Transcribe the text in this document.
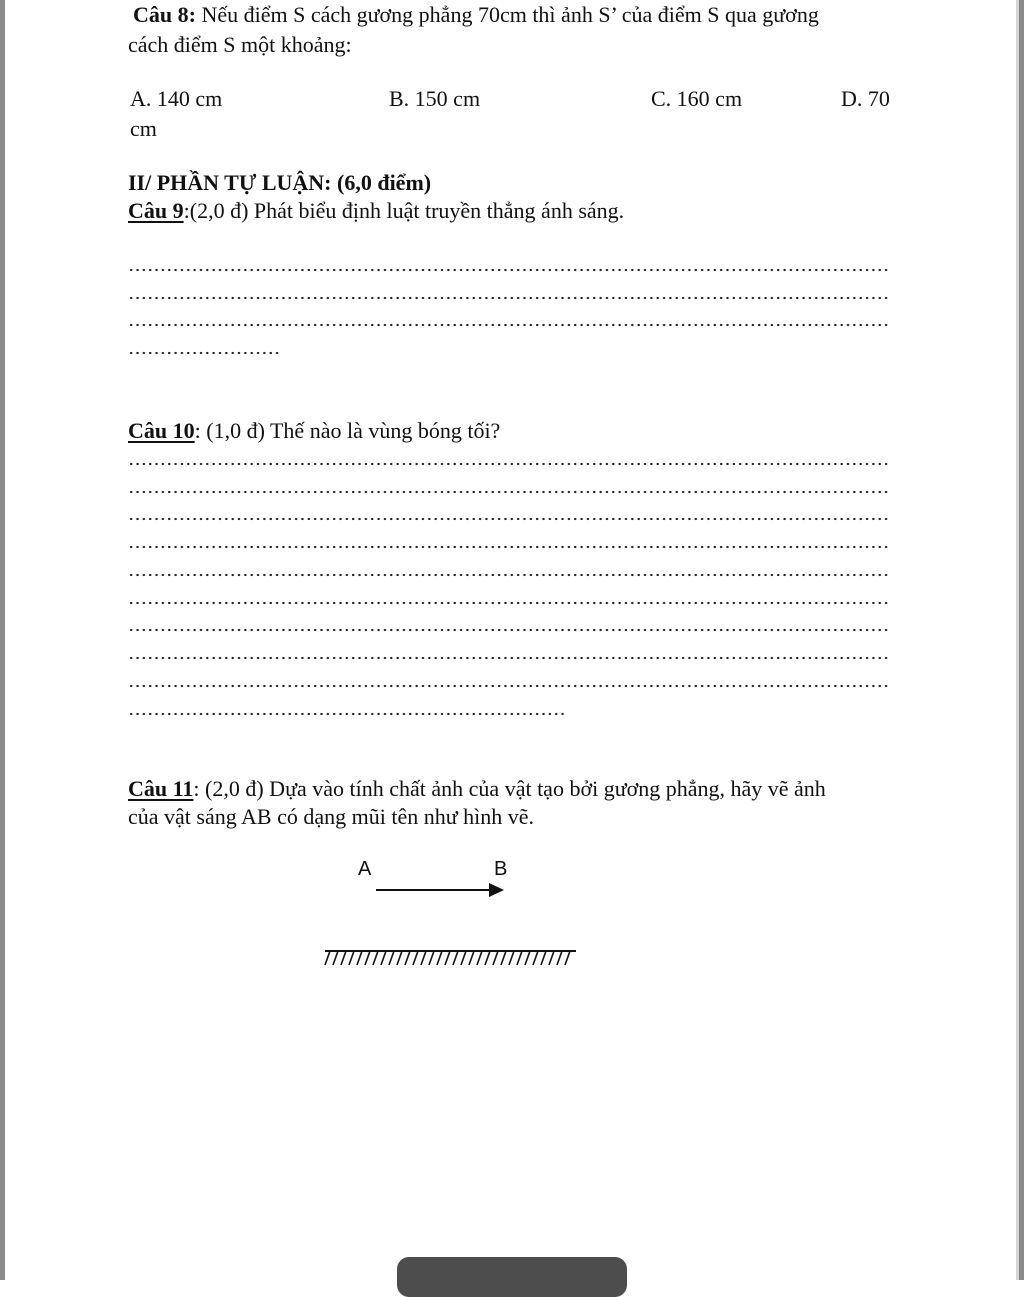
Câu 8: Nếu điểm S cách gương phẳng 70cm thì ảnh S’ của điểm S qua gương
cách điểm S một khoảng:
A. 140 cm	B. 150 cm	C. 160 cm	D. 70
cm
II/ PHẦN TỰ LUẬN: (6,0 điểm)
Câu 9:(2,0 đ) Phát biểu định luật truyền thẳng ánh sáng.
Câu 10: (1,0 đ) Thế nào là vùng bóng tối?
Câu 11: (2,0 đ) Dựa vào tính chất ảnh của vật tạo bởi gương phẳng, hãy vẽ ảnh
của vật sáng AB có dạng mũi tên như hình vẽ.
A	B
